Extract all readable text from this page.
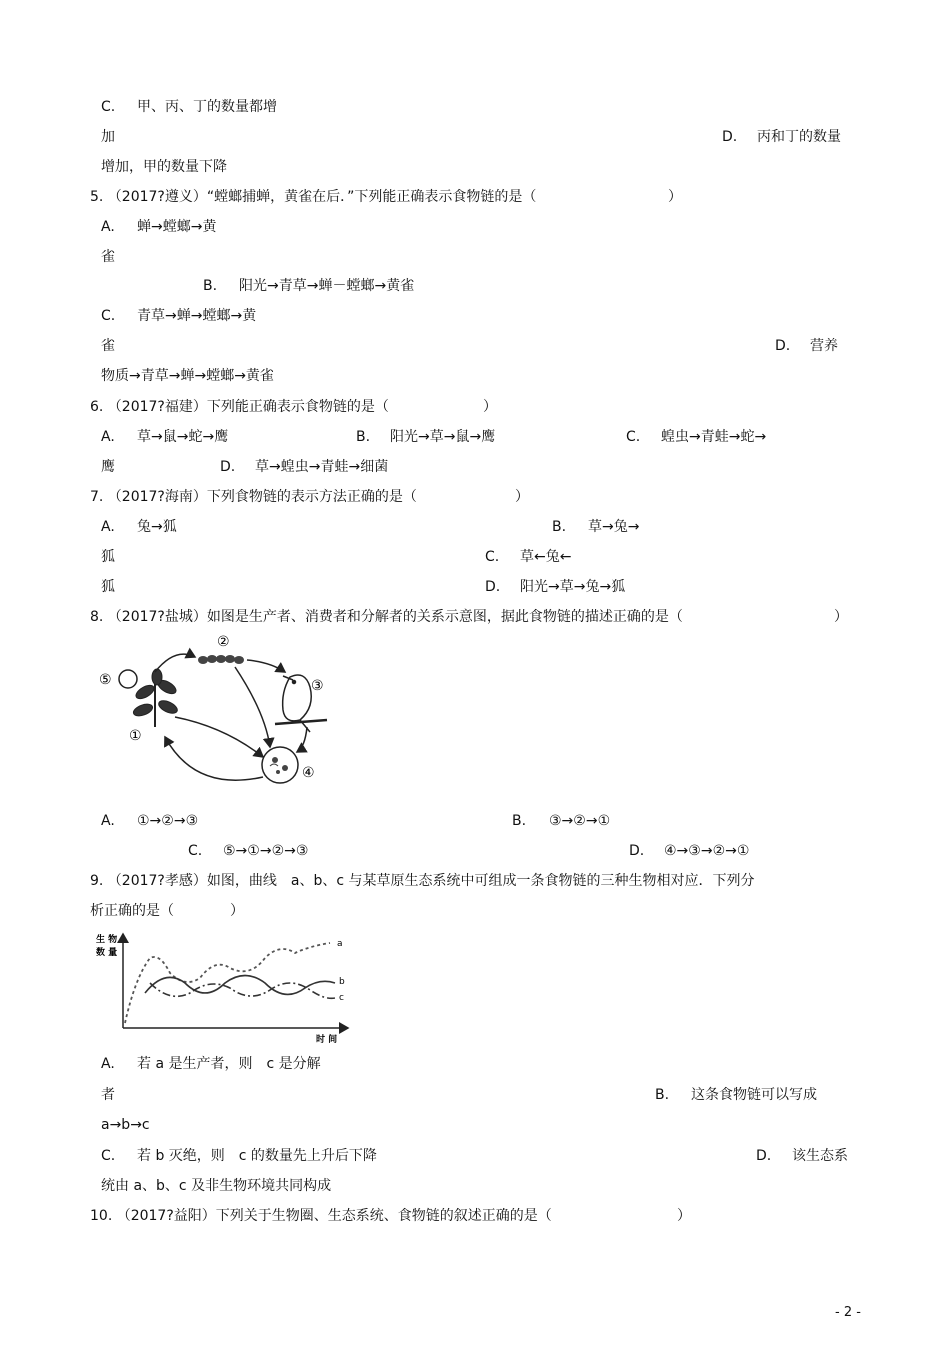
C. 甲、丙、丁的数量都增
加	D. 丙和丁的数量
增加，甲的数量下降
5. （2017?遵义）“螳螂捕蝉，黄雀在后．”下列能正确表示食物链的是（	）
A. 蝉→螳螂→黄
雀
B. 阳光→青草→蝉－螳螂→黄雀
C. 青草→蝉→螳螂→黄
雀	D. 营养
物质→青草→蝉→螳螂→黄雀
6. （2017?福建）下列能正确表示食物链的是（	）
A. 草→鼠→蛇→鹰	B. 阳光→草→鼠→鹰	C. 蝗虫→青蛙→蛇→
鹰	D. 草→蝗虫→青蛙→细菌
7. （2017?海南）下列食物链的表示方法正确的是（	）
A. 兔→狐	B. 草→兔→
狐	C. 草←兔←
狐	D. 阳光→草→兔→狐
8. （2017?盐城）如图是生产者、消费者和分解者的关系示意图，据此食物链的描述正确的是（	）
⑤
①
②
③
④
A. ①→②→③	B. ③→②→①
C. ⑤→①→②→③	D. ④→③→②→①
9. （2017?孝感）如图，曲线　a、b、c 与某草原生态系统中可组成一条食物链的三种生物相对应．下列分
析正确的是（	）
生 物
数 量
时 间
a
b
c
A. 若 a 是生产者，则　c 是分解
者	B. 这条食物链可以写成
a→b→c
C. 若 b 灭绝，则　c 的数量先上升后下降	D. 该生态系
统由 a、b、c 及非生物环境共同构成
10. （2017?益阳）下列关于生物圈、生态系统、食物链的叙述正确的是（	）
- 2 -
